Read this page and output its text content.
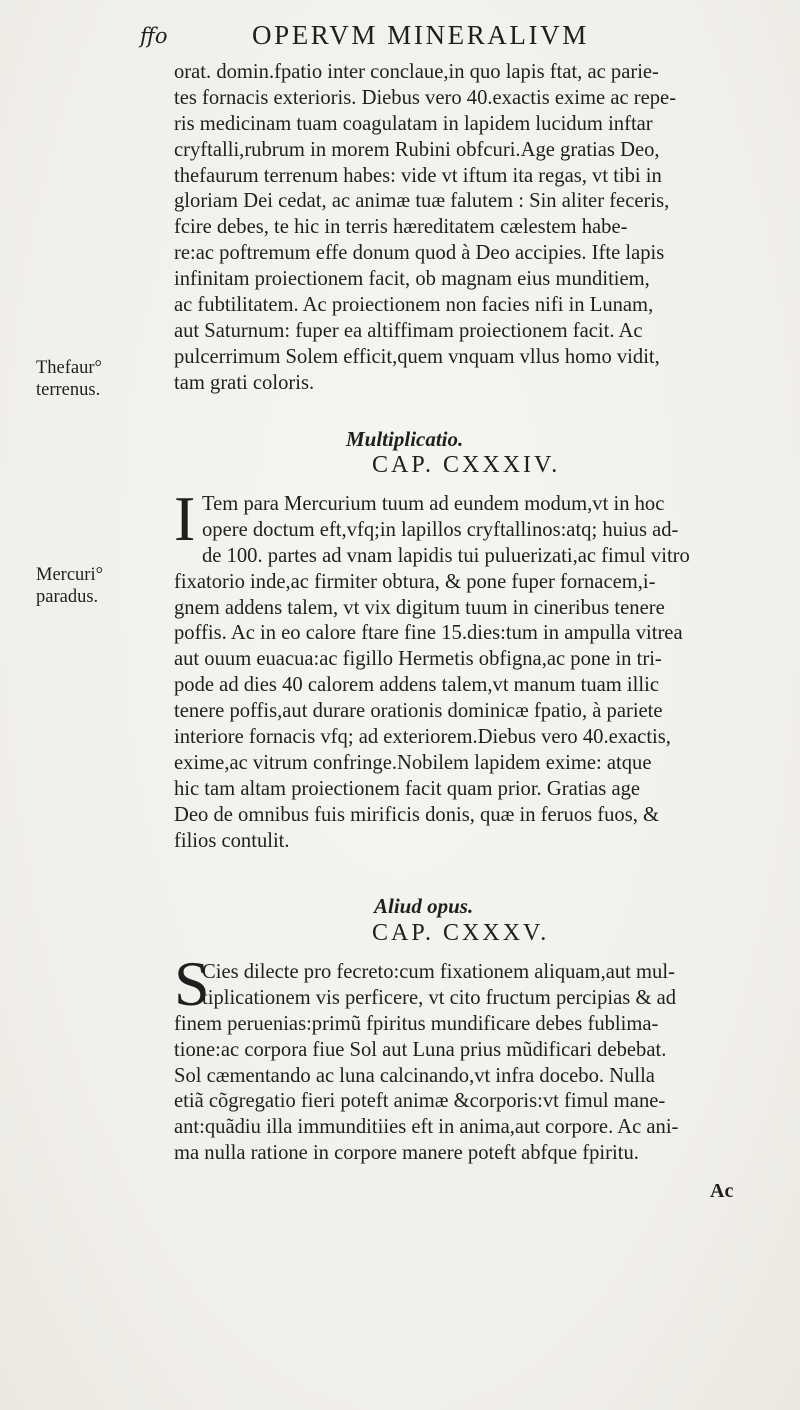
ffo	OPERVM MINERALIVM
Thefaur° terrenus.
Mercuri° paradus.
orat. domin.fpatio inter conclaue,in quo lapis ftat, ac parie-
tes fornacis exterioris. Diebus vero 40.exactis exime ac repe-
ris medicinam tuam coagulatam in lapidem lucidum inftar
cryftalli,rubrum in morem Rubini obfcuri.Age gratias Deo,
thefaurum terrenum habes: vide vt iftum ita regas, vt tibi in
gloriam Dei cedat, ac animæ tuæ falutem : Sin aliter feceris,
fcire debes, te hic in terris hæreditatem cælestem habe-
re:ac poftremum effe donum quod à Deo accipies. Ifte lapis
infinitam proiectionem facit, ob magnam eius munditiem,
ac fubtilitatem. Ac proiectionem non facies nifi in Lunam,
aut Saturnum: fuper ea altiffimam proiectionem facit. Ac
pulcerrimum Solem efficit,quem vnquam vllus homo vidit,
tam grati coloris.
Multiplicatio.
CAP. CXXXIV.
I Tem para Mercurium tuum ad eundem modum,vt in hoc
opere doctum eft,vfq;in lapillos cryftallinos:atq; huius ad-
de 100. partes ad vnam lapidis tui puluerizati,ac fimul vitro
fixatorio inde,ac firmiter obtura, & pone fuper fornacem,i-
gnem addens talem, vt vix digitum tuum in cineribus tenere
poffis. Ac in eo calore ftare fine 15.dies:tum in ampulla vitrea
aut ouum euacua:ac figillo Hermetis obfigna,ac pone in tri-
pode ad dies 40 calorem addens talem,vt manum tuam illic
tenere poffis,aut durare orationis dominicæ fpatio, à pariete
interiore fornacis vfq; ad exteriorem.Diebus vero 40.exactis,
exime,ac vitrum confringe.Nobilem lapidem exime: atque
hic tam altam proiectionem facit quam prior. Gratias age
Deo de omnibus fuis mirificis donis, quæ in feruos fuos, &
filios contulit.
Aliud opus.
CAP. CXXXV.
S
Cies dilecte pro fecreto:cum fixationem aliquam,aut mul-
tiplicationem vis perficere, vt cito fructum percipias & ad
finem peruenias:primũ fpiritus mundificare debes fublima-
tione:ac corpora fiue Sol aut Luna prius mũdificari debebat.
Sol cæmentando ac luna calcinando,vt infra docebo. Nulla
etiã cõgregatio fieri poteft animæ &corporis:vt fimul mane-
ant:quãdiu illa immunditiies eft in anima,aut corpore. Ac ani-
ma nulla ratione in corpore manere poteft abfque fpiritu.
Ac
